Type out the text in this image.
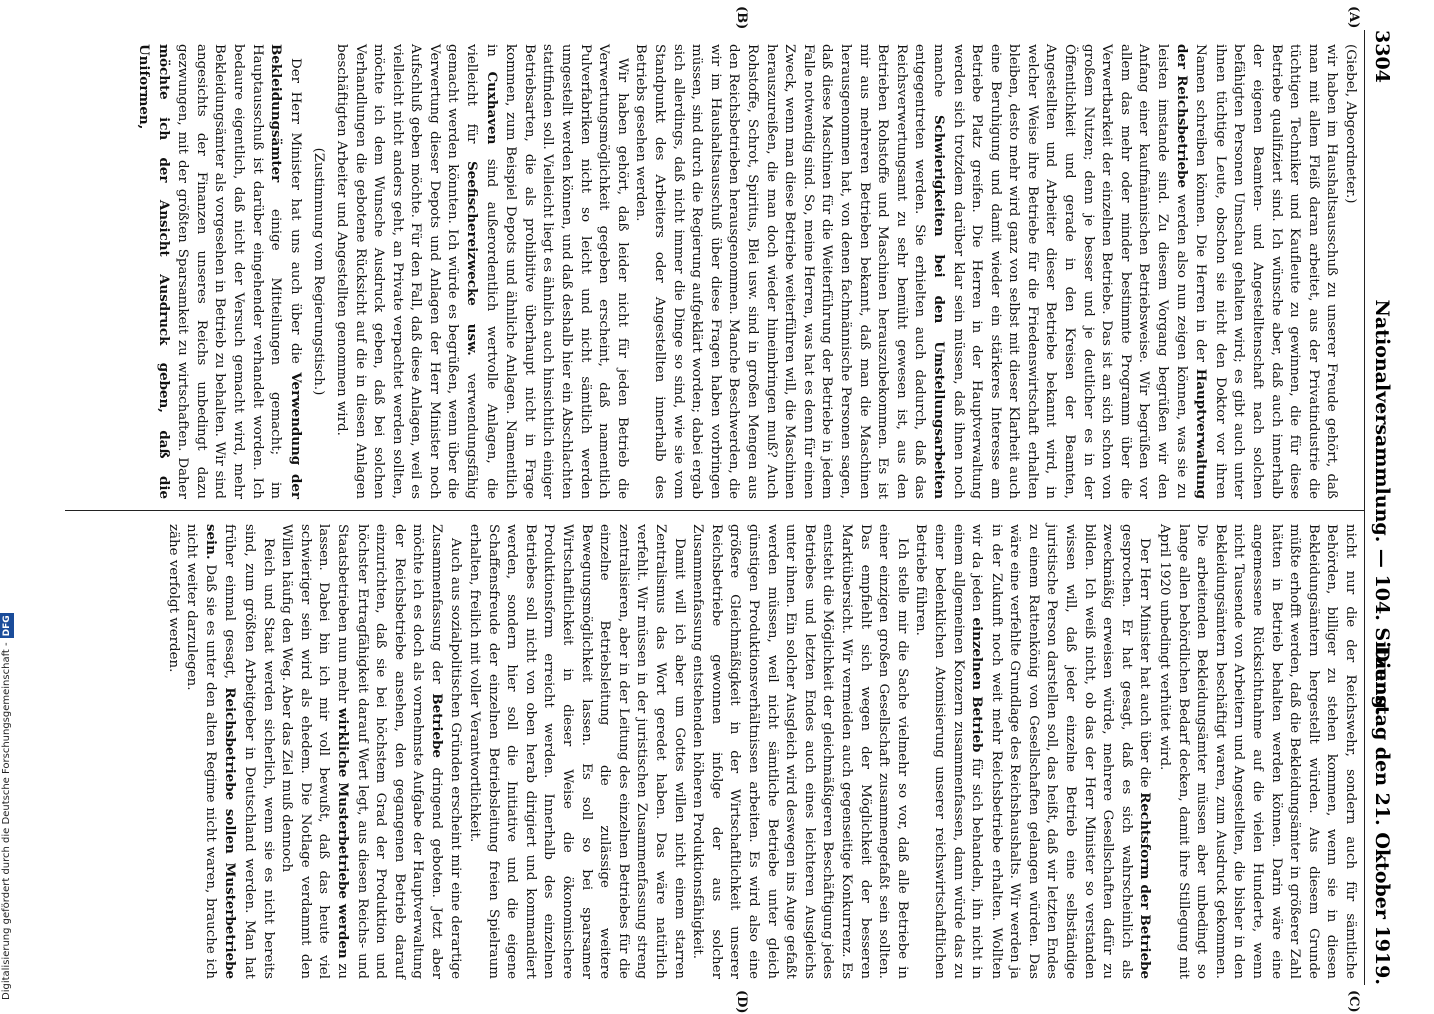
3304
Nationalversammlung. — 104. Sitzung.
Dienstag den 21. Oktober 1919.
(A)
(B)
(C)
(D)

(Giebel, Abgeordneter.)

wir haben im Haushaltsausschuß zu unserer Freude gehört, daß man mit allem Fleiß daran arbeitet, aus der Privatindustrie die tüchtigen Techniker und Kaufleute zu gewinnen, die für diese Betriebe qualifiziert sind. Ich wünsche aber, daß auch innerhalb der eigenen Beamten- und Angestelltenschaft nach solchen befähigten Personen Umschau gehalten wird; es gibt auch unter ihnen tüchtige Leute, obschon sie nicht den Doktor vor ihren Namen schreiben können. Die Herren in der Hauptverwaltung der Reichsbetriebe werden also nun zeigen können, was sie zu leisten imstande sind. Zu diesem Vorgang begrüßen wir den Anfang einer kaufmännischen Betriebsweise. Wir begrüßen vor allem das mehr oder minder bestimmte Programm über die Verwertbarkeit der einzelnen Betriebe. Das ist an sich schon von großem Nutzen; denn je besser und je deutlicher es in der Öffentlichkeit und gerade in den Kreisen der Beamten, Angestellten und Arbeiter dieser Betriebe bekannt wird, in welcher Weise ihre Betriebe für die Friedenswirtschaft erhalten bleiben, desto mehr wird ganz von selbst mit dieser Klarheit auch eine Beruhigung und damit wieder ein stärkeres Interesse am Betriebe Platz greifen. Die Herren in der Hauptverwaltung werden sich trotzdem darüber klar sein müssen, daß ihnen noch manche Schwierigkeiten bei den Umstellungsarbeiten entgegentreten werden. Sie erhielten auch dadurch, daß das Reichsverwertungsamt zu sehr bemüht gewesen ist, aus den Betrieben Rohstoffe und Maschinen herauszubekommen. Es ist mir aus mehreren Betrieben bekannt, daß man die Maschinen herausgenommen hat, von denen fachmännische Personen sagen, daß diese Maschinen für die Weiterführung der Betriebe in jedem Falle notwendig sind. So, meine Herren, was hat es denn für einen Zweck, wenn man diese Betriebe weiterführen will, die Maschinen herauszureißen, die man doch wieder hineinbringen muß? Auch Rohstoffe, Schrot, Spiritus, Blei usw. sind in großen Mengen aus den Reichsbetrieben herausgenommen. Manche Beschwerden, die wir im Haushaltsausschuß über diese Fragen haben vorbringen müssen, sind durch die Regierung aufgeklärt worden; dabei ergab sich allerdings, daß nicht immer die Dinge so sind, wie sie vom Standpunkt des Arbeiters oder Angestellten innerhalb des Betriebs gesehen werden.

Wir haben gehört, daß leider nicht für jeden Betrieb die Verwertungsmöglichkeit gegeben erscheint, daß namentlich Pulverfabriken nicht so leicht und nicht sämtlich werden umgestellt werden können, und daß deshalb hier ein Abschlachten stattfinden soll. Vielleicht liegt es ähnlich auch hinsichtlich einiger Betriebsarten, die als prohibitive überhaupt nicht in Frage kommen, zum Beispiel Depots und ähnliche Anlagen. Namentlich in Cuxhaven sind außerordentlich wertvolle Anlagen, die vielleicht für Seefischereizwecke usw. verwendungsfähig gemacht werden könnten. Ich würde es begrüßen, wenn über die Verwertung dieser Depots und Anlagen der Herr Minister noch Aufschluß geben möchte. Für den Fall, daß diese Anlagen, weil es vielleicht nicht anders geht, an Private verpachtet werden sollten, möchte ich dem Wunsche Ausdruck geben, daß bei solchen Verhandlungen die gebotene Rücksicht auf die in diesen Anlagen beschäftigten Arbeiter und Angestellten genommen wird.

(Zustimmung vom Regierungstisch.)

Der Herr Minister hat uns auch über die Verwendung der Bekleidungsämter einige Mitteilungen gemacht; im Hauptausschuß ist darüber eingehender verhandelt worden. Ich bedaure eigentlich, daß nicht der Versuch gemacht wird, mehr Bekleidungsämter als vorgesehen in Betrieb zu behalten. Wir sind angesichts der Finanzen unseres Reichs unbedingt dazu gezwungen, mit der größten Sparsamkeit zu wirtschaften. Daher möchte ich der Ansicht Ausdruck geben, daß die Uniformen,

nicht nur die der Reichswehr, sondern auch für sämtliche Behörden, billiger zu stehen kommen, wenn sie in diesen Bekleidungsämtern hergestellt würden. Aus diesem Grunde müßte erhofft werden, daß die Bekleidungsämter in größerer Zahl hätten in Betrieb behalten werden können. Darin wäre eine angemessene Rücksichtnahme auf die vielen Hunderte, wenn nicht Tausende von Arbeitern und Angestellten, die bisher in den Bekleidungsämtern beschäftigt waren, zum Ausdruck gekommen. Die arbeitenden Bekleidungsämter müssen aber unbedingt so lange allen behördlichen Bedarf decken, damit ihre Stillegung mit April 1920 unbedingt verhütet wird.

Der Herr Minister hat auch über die Rechtsform der Betriebe gesprochen. Er hat gesagt, daß es sich wahrscheinlich als zweckmäßig erweisen würde, mehrere Gesellschaften dafür zu bilden. Ich weiß nicht, ob das der Herr Minister so verstanden wissen will, daß jeder einzelne Betrieb eine selbständige juristische Person darstellen soll, das heißt, daß wir letzten Endes zu einem Rattenkönig von Gesellschaften gelangen würden. Das wäre eine verfehlte Grundlage des Reichshaushalts. Wir werden ja in der Zukunft noch weit mehr Reichsbetriebe erhalten. Wollten wir da jeden einzelnen Betrieb für sich behandeln, ihn nicht in einem allgemeinen Konzern zusammenfassen, dann würde das zu einer bedenklichen Atomisierung unserer reichswirtschaftlichen Betriebe führen.

Ich stelle mir die Sache vielmehr so vor, daß alle Betriebe in einer einzigen großen Gesellschaft zusammengefaßt sein sollten. Das empfiehlt sich wegen der Möglichkeit der besseren Marktübersicht. Wir vermeiden auch gegenseitige Konkurrenz. Es entsteht die Möglichkeit der gleichmäßigeren Beschäftigung jedes Betriebes und letzten Endes auch eines leichteren Ausgleichs unter ihnen. Ein solcher Ausgleich wird deswegen ins Auge gefaßt werden müssen, weil nicht sämtliche Betriebe unter gleich günstigen Produktionsverhältnissen arbeiten. Es wird also eine größere Gleichmäßigkeit in der Wirtschaftlichkeit unserer Reichsbetriebe gewonnen infolge der aus solcher Zusammenfassung entstehenden höheren Produktionsfähigkeit.

Damit will ich aber um Gottes willen nicht einem starren Zentralismus das Wort geredet haben. Das wäre natürlich verfehlt. Wir müssen in der juristischen Zusammenfassung streng zentralisieren, aber in der Leitung des einzelnen Betriebes für die einzelne Betriebsleitung die zulässige weitere Bewegungsmöglichkeit lassen. Es soll so bei sparsamer Wirtschaftlichkeit in dieser Weise die ökonomischere Produktionsform erreicht werden. Innerhalb des einzelnen Betriebes soll nicht von oben herab dirigiert und kommandiert werden, sondern hier soll die Initiative und die eigene Schaffensfreude der einzelnen Betriebsleitung freien Spielraum erhalten, freilich mit voller Verantwortlichkeit.

Auch aus sozialpolitischen Gründen erscheint mir eine derartige Zusammenfassung der Betriebe dringend geboten. Jetzt aber möchte ich es doch als vornehmste Aufgabe der Hauptverwaltung der Reichsbetriebe ansehen, den gegangenen Betrieb darauf einzurichten, daß sie bei höchstem Grad der Produktion und höchster Ertragfähigkeit darauf Wert legt, aus diesen Reichs- und Staatsbetrieben nun mehr wirkliche Musterbetriebe werden zu lassen. Dabei bin ich mir voll bewußt, daß das heute viel schwieriger sein wird als ehedem. Die Notlage verdammt den Willen häufig den Weg. Aber das Ziel muß dennoch

Reich und Staat werden sicherlich, wenn sie es nicht bereits sind, zum größten Arbeitgeber in Deutschland werden. Man hat früher einmal gesagt, Reichsbetriebe sollen Musterbetriebe sein. Daß sie es unter den alten Regime nicht waren, brauche ich nicht weiter darzulegen.

zähe verfolgt werden.

Digitalisierung gefördert durch die Deutsche Forschungsgemeinschaft -DFG
